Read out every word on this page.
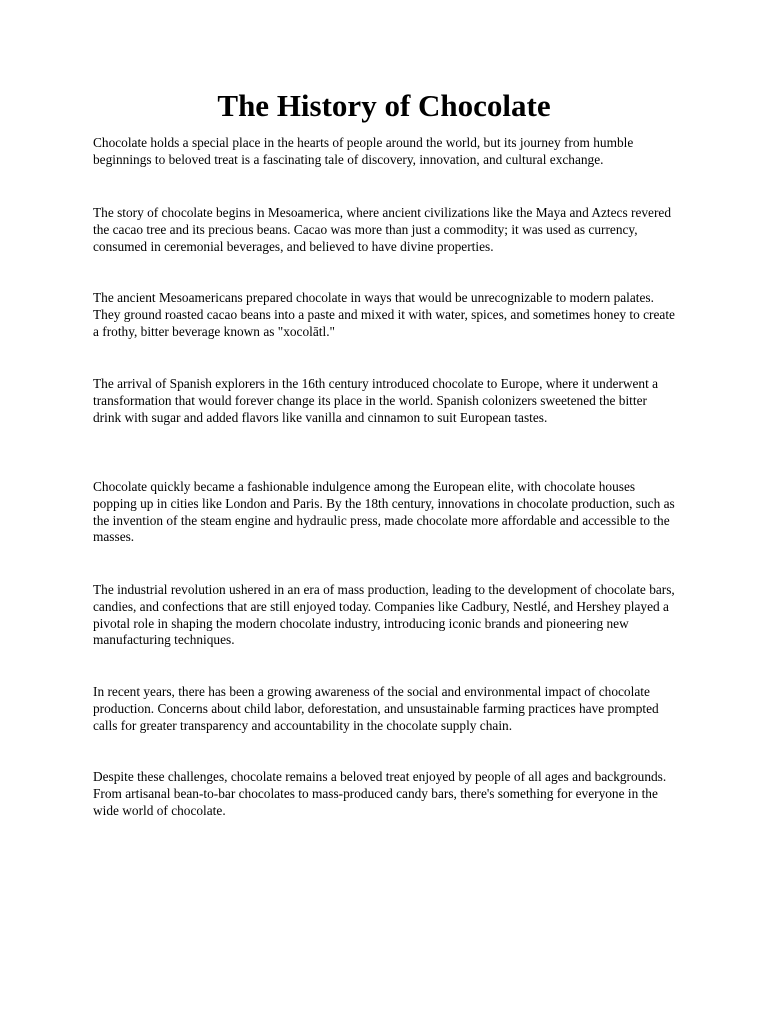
The History of Chocolate

Chocolate holds a special place in the hearts of people around the world, but its journey from humble beginnings to beloved treat is a fascinating tale of discovery, innovation, and cultural exchange.

The story of chocolate begins in Mesoamerica, where ancient civilizations like the Maya and Aztecs revered the cacao tree and its precious beans. Cacao was more than just a commodity; it was used as currency, consumed in ceremonial beverages, and believed to have divine properties.

The ancient Mesoamericans prepared chocolate in ways that would be unrecognizable to modern palates. They ground roasted cacao beans into a paste and mixed it with water, spices, and sometimes honey to create a frothy, bitter beverage known as "xocolātl."

The arrival of Spanish explorers in the 16th century introduced chocolate to Europe, where it underwent a transformation that would forever change its place in the world. Spanish colonizers sweetened the bitter drink with sugar and added flavors like vanilla and cinnamon to suit European tastes.

Chocolate quickly became a fashionable indulgence among the European elite, with chocolate houses popping up in cities like London and Paris. By the 18th century, innovations in chocolate production, such as the invention of the steam engine and hydraulic press, made chocolate more affordable and accessible to the masses.

The industrial revolution ushered in an era of mass production, leading to the development of chocolate bars, candies, and confections that are still enjoyed today. Companies like Cadbury, Nestlé, and Hershey played a pivotal role in shaping the modern chocolate industry, introducing iconic brands and pioneering new manufacturing techniques.

In recent years, there has been a growing awareness of the social and environmental impact of chocolate production. Concerns about child labor, deforestation, and unsustainable farming practices have prompted calls for greater transparency and accountability in the chocolate supply chain.

Despite these challenges, chocolate remains a beloved treat enjoyed by people of all ages and backgrounds. From artisanal bean-to-bar chocolates to mass-produced candy bars, there's something for everyone in the wide world of chocolate.
